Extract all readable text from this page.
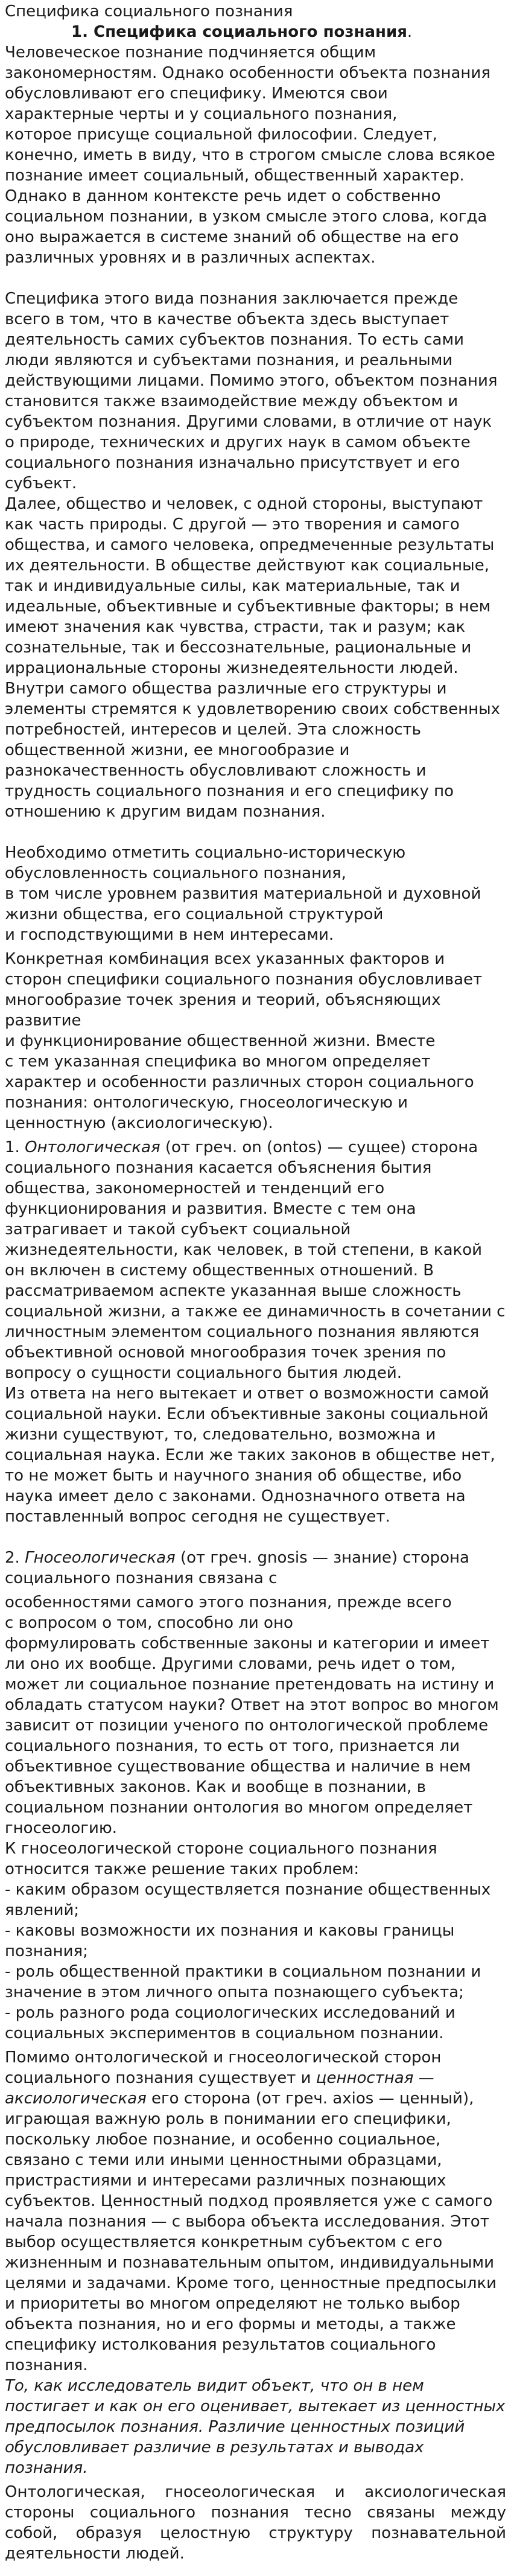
Специфика социального познания
1. Специфика социального познания.

Человеческое познание подчиняется общим закономерностям. Однако особенности объекта познания
обусловливают его специфику. Имеются свои
характерные черты и у социального познания,
которое присуще социальной философии. Следует, конечно, иметь в виду, что в строгом смысле слова всякое познание имеет социальный, общественный характер. Однако в данном контексте речь идет о собственно социальном познании, в узком смысле этого слова, когда оно выражается в системе знаний об обществе на его различных уровнях и в различных аспектах.

Специфика этого вида познания заключается прежде
всего в том, что в качестве объекта здесь выступает деятельность самих субъектов познания. То есть сами люди являются и субъектами познания, и реальными действующими лицами. Помимо этого, объектом познания становится также взаимодействие между объектом и субъектом познания. Другими словами, в отличие от наук о природе, технических и других наук в самом объекте социального познания изначально присутствует и его субъект.
Далее, общество и человек, с одной стороны, выступают как часть природы. С другой — это творения и самого общества, и самого человека, опредмеченные результаты их деятельности. В обществе действуют как социальные, так и индивидуальные силы, как материальные, так и идеальные, объективные и субъективные факторы; в нем имеют значения как чувства, страсти, так и разум; как сознательные, так и бессознательные, рациональные и иррациональные стороны жизнедеятельности людей. Внутри самого общества различные его структуры и элементы стремятся к удовлетворению своих собственных потребностей, интересов и целей. Эта сложность общественной жизни, ее многообразие и разнокачественность обусловливают сложность и трудность социального познания и его специфику по отношению к другим видам познания.

Необходимо отметить социально-историческую
обусловленность социального познания,
в том числе уровнем развития материальной и духовной
жизни общества, его социальной структурой
и господствующими в нем интересами.

Конкретная комбинация всех указанных факторов и сторон специфики социального познания обусловливает многообразие точек зрения и теорий, объясняющих развитие
и функционирование общественной жизни. Вместе
с тем указанная специфика во многом определяет характер и особенности различных сторон социального познания: онтологическую, гносеологическую и ценностную (аксиологическую).

1. Онтологическая (от греч. on (ontos) — сущее) сторона социального познания касается объяснения бытия общества, закономерностей и тенденций его функционирования и развития. Вместе с тем она затрагивает и такой субъект социальной жизнедеятельности, как человек, в той степени, в какой он включен в систему общественных отношений. В рассматриваемом аспекте указанная выше сложность социальной жизни, а также ее динамичность в сочетании с личностным элементом социального познания являются объективной основой многообразия точек зрения по вопросу о сущности социального бытия людей.
Из ответа на него вытекает и ответ о возможности самой социальной науки. Если объективные законы социальной жизни существуют, то, следовательно, возможна и социальная наука. Если же таких законов в обществе нет, то не может быть и научного знания об обществе, ибо наука имеет дело с законами. Однозначного ответа на поставленный вопрос сегодня не существует.

2. Гносеологическая (от греч. gnosis — знание) сторона социального познания связана с

особенностями самого этого познания, прежде всего
с вопросом о том, способно ли оно
формулировать собственные законы и категории и имеет ли оно их вообще. Другими словами, речь идет о том, может ли социальное познание претендовать на истину и обладать статусом науки? Ответ на этот вопрос во многом зависит от позиции ученого по онтологической проблеме социального познания, то есть от того, признается ли объективное существование общества и наличие в нем объективных законов. Как и вообще в познании, в социальном познании онтология во многом определяет гносеологию.
К гносеологической стороне социального познания относится также решение таких проблем:
- каким образом осуществляется познание общественных явлений;
- каковы возможности их познания и каковы границы познания;
- роль общественной практики в социальном познании и значение в этом личного опыта познающего субъекта;
- роль разного рода социологических исследований и социальных экспериментов в социальном познании.

Помимо онтологической и гносеологической сторон социального познания существует и ценностная — аксиологическая его сторона (от греч. axios — ценный), играющая важную роль в понимании его специфики, поскольку любое познание, и особенно социальное, связано с теми или иными ценностными образцами, пристрастиями и интересами различных познающих субъектов. Ценностный подход проявляется уже с самого начала познания — с выбора объекта исследования. Этот выбор осуществляется конкретным субъектом с его жизненным и познавательным опытом, индивидуальными целями и задачами. Кроме того, ценностные предпосылки и приоритеты во многом определяют не только выбор объекта познания, но и его формы и методы, а также специфику истолкования результатов социального познания.

То, как исследователь видит объект, что он в нем постигает и как он его оценивает, вытекает из ценностных предпосылок познания. Различие ценностных позиций обусловливает различие в результатах и выводах познания.

Онтологическая, гносеологическая и аксиологическая стороны социального познания тесно связаны между собой, образуя целостную структуру познавательной деятельности людей.
